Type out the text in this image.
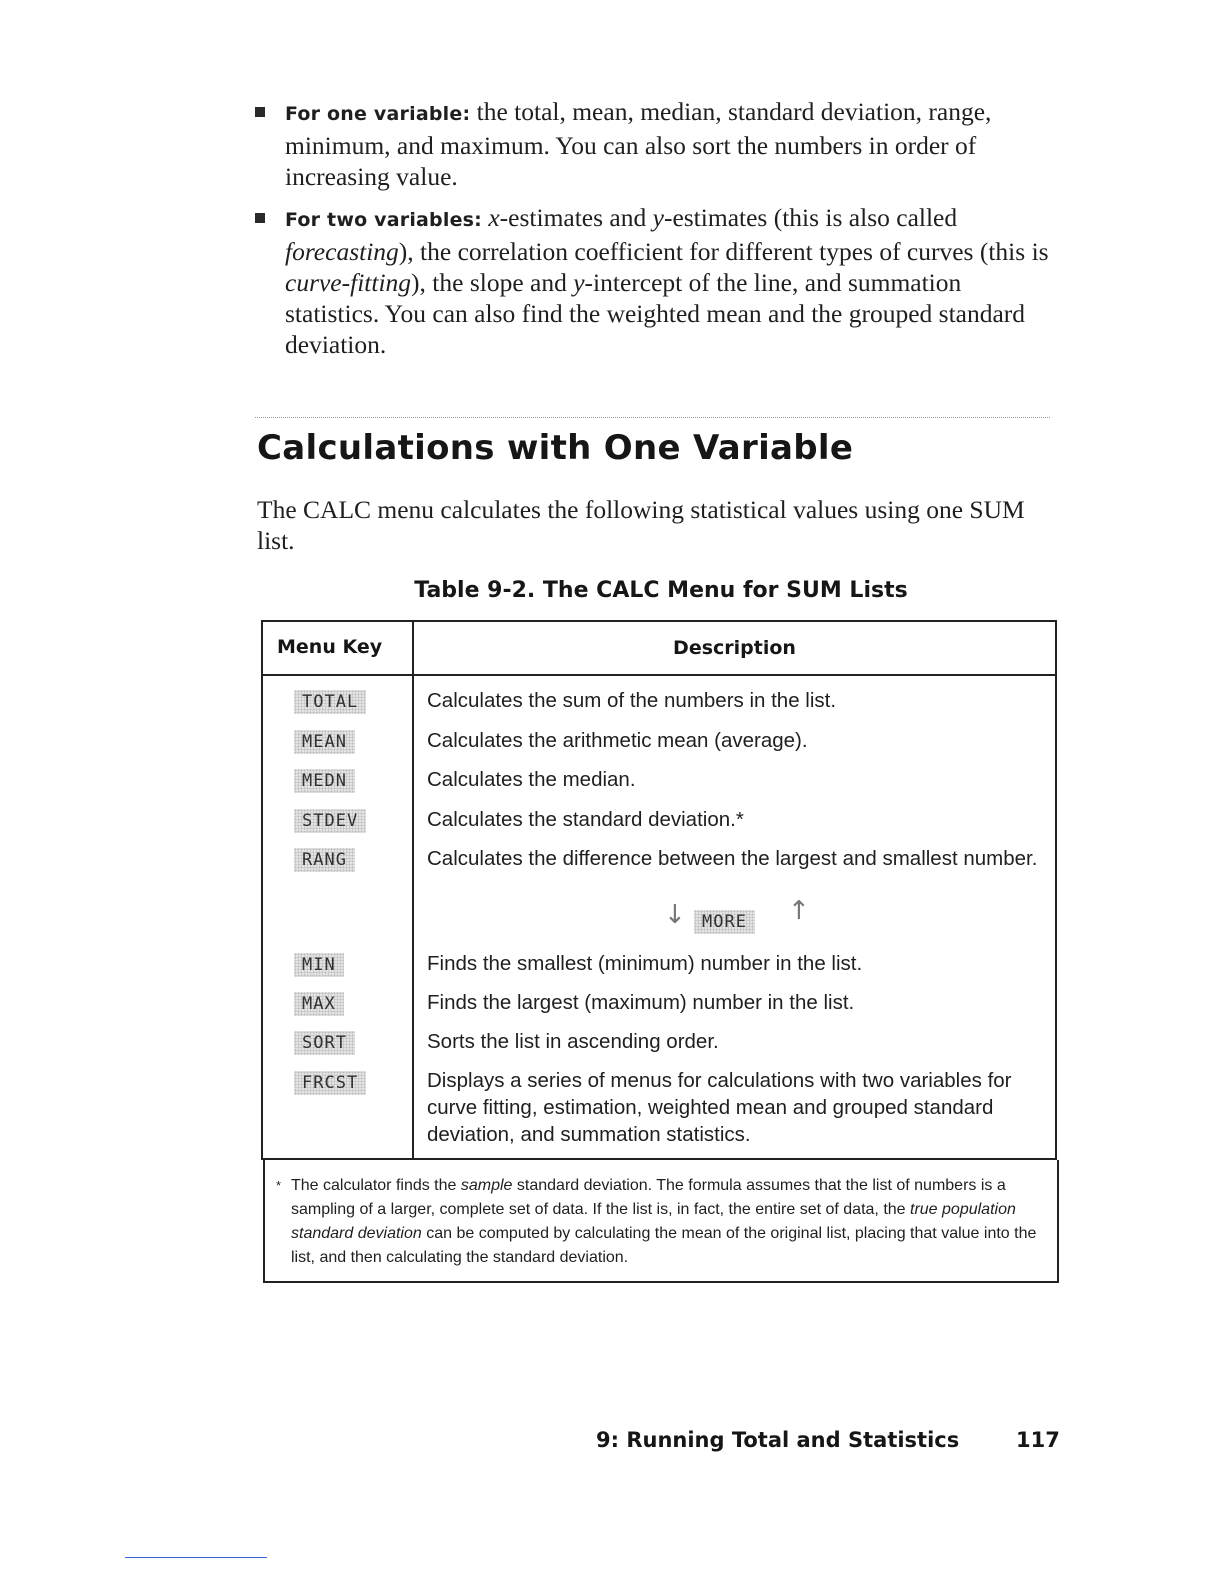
For one variable: the total, mean, median, standard deviation, range, minimum, and maximum. You can also sort the numbers in order of increasing value.
For two variables: x-estimates and y-estimates (this is also called forecasting), the correlation coefficient for different types of curves (this is curve-fitting), the slope and y-intercept of the line, and summation statistics. You can also find the weighted mean and the grouped standard deviation.
Calculations with One Variable

The CALC menu calculates the following statistical values using one SUM list.

Table 9-2. The CALC Menu for SUM Lists
Menu Key	Description
TOTAL	Calculates the sum of the numbers in the list.
MEAN	Calculates the arithmetic mean (average).
MEDN	Calculates the median.
STDEV	Calculates the standard deviation.*
RANG	Calculates the difference between the largest and smallest number.
↓ MORE	↑
MIN	Finds the smallest (minimum) number in the list.
MAX	Finds the largest (maximum) number in the list.
SORT	Sorts the list in ascending order.
FRCST	Displays a series of menus for calculations with two variables for curve fitting, estimation, weighted mean and grouped standard deviation, and summation statistics.
* The calculator finds the sample standard deviation. The formula assumes that the list of numbers is a sampling of a larger, complete set of data. If the list is, in fact, the entire set of data, the true population standard deviation can be computed by calculating the mean of the original list, placing that value into the list, and then calculating the standard deviation.
9: Running Total and Statistics	117
